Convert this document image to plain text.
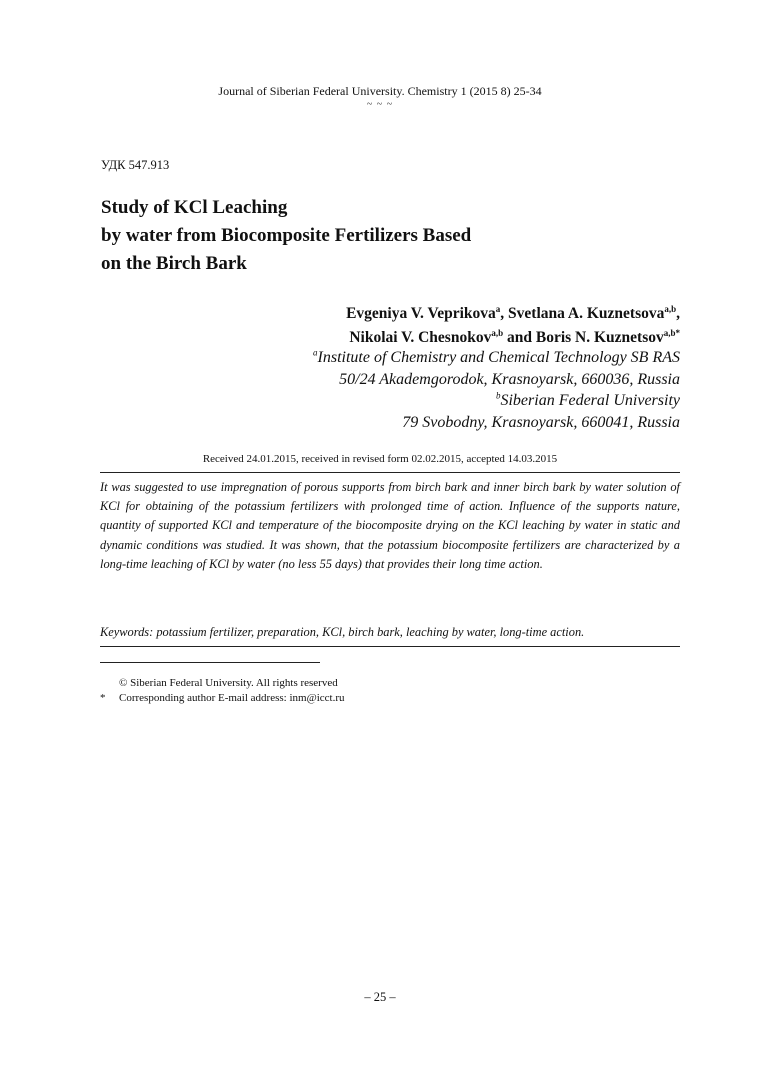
Journal of Siberian Federal University. Chemistry 1 (2015 8) 25-34
~ ~ ~
УДК 547.913
Study of KCl Leaching
by water from Biocomposite Fertilizers Based
on the Birch Bark
Evgeniya V. Veprikova$^a$, Svetlana A. Kuznetsova$^{a,b}$,
Nikolai V. Chesnokov$^{a,b}$ and Boris N. Kuznetsov$^{a,b*}$
$^a$Institute of Chemistry and Chemical Technology SB RAS
50/24 Akademgorodok, Krasnoyarsk, 660036, Russia
$^b$Siberian Federal University
79 Svobodny, Krasnoyarsk, 660041, Russia
Received 24.01.2015, received in revised form 02.02.2015, accepted 14.03.2015
It was suggested to use impregnation of porous supports from birch bark and inner birch bark by water solution of KCl for obtaining of the potassium fertilizers with prolonged time of action. Influence of the supports nature, quantity of supported KCl and temperature of the biocomposite drying on the KCl leaching by water in static and dynamic conditions was studied. It was shown, that the potassium biocomposite fertilizers are characterized by a long-time leaching of KCl by water (no less 55 days) that provides their long time action.
Keywords: potassium fertilizer, preparation, KCl, birch bark, leaching by water, long-time action.
© Siberian Federal University. All rights reserved
* Corresponding author E-mail address: inm@icct.ru
– 25 –
